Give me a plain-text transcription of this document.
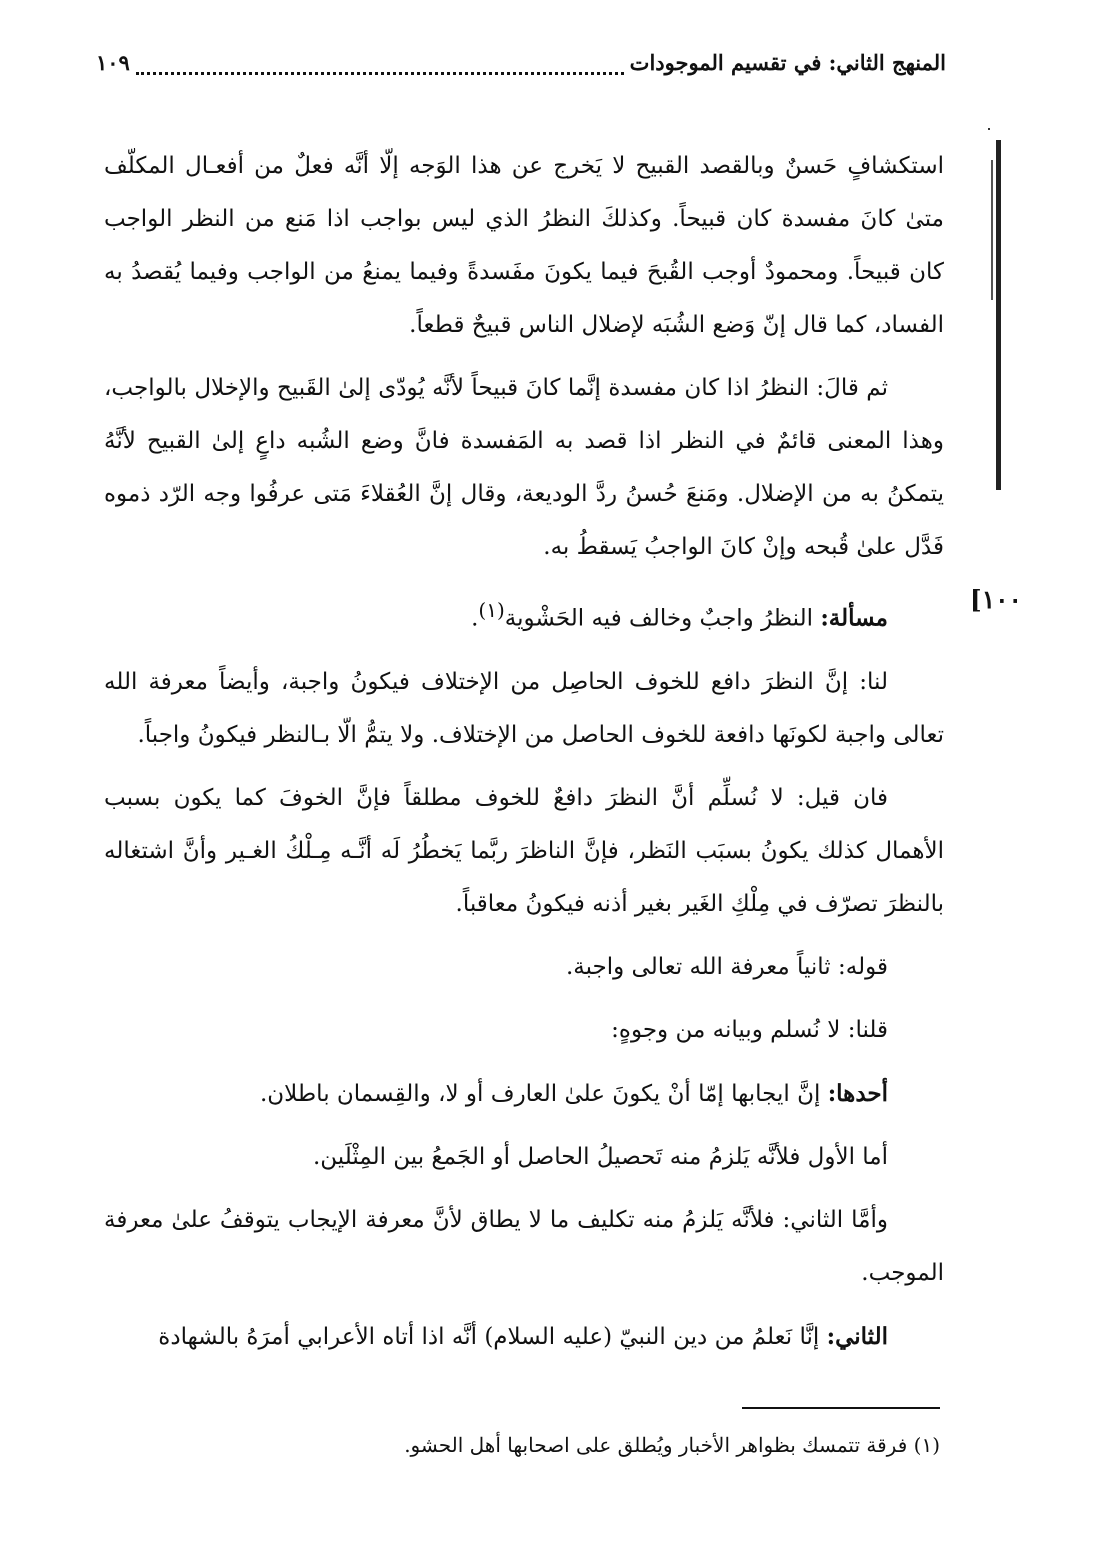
المنهج الثاني: في تقسيم الموجودات
١٠٩
١٠٠]

استكشافٍ حَسنٌ وبالقصد القبيح لا يَخرج عن هذا الوَجه إلّا أنَّه فعلٌ من أفعـال المكلّف متىٰ كانَ مفسدة كان قبيحاً. وكذلكَ النظرُ الذي ليس بواجب اذا مَنع من النظر الواجب كان قبيحاً. ومحمودٌ أوجب القُبحَ فيما يكونَ مفَسدةً وفيما يمنعُ من الواجب وفيما يُقصدُ به الفساد، كما قال إنّ وَضع الشُبَه لإضلال الناس قبيحٌ قطعاً.

ثم قالَ: النظرُ اذا كان مفسدة إنَّما كانَ قبيحاً لأنَّه يُودّى إلىٰ القَبيح والإخلال بالواجب، وهذا المعنى قائمٌ في النظر اذا قصد به المَفسدة فانَّ وضع الشُبه داعٍ إلىٰ القبيح لأنَّهُ يتمكنُ به من الإضلال. ومَنعَ حُسنُ ردَّ الوديعة، وقال إنَّ العُقلاءَ مَتى عرفُوا وجه الرّد ذموه فَدَّل علىٰ قُبحه وإنْ كانَ الواجبُ يَسقطُ به.

مسألة: النظرُ واجبٌ وخالف فيه الحَشْوية$^{(١)}$.

لنا: إنَّ النظرَ دافع للخوف الحاصِل من الإختلاف فيكونُ واجبة، وأيضاً معرفة الله تعالى واجبة لكونَها دافعة للخوف الحاصل من الإختلاف. ولا يتمُّ الّا بـالنظر فيكونُ واجباً.

فان قيل: لا نُسلِّم أنَّ النظرَ دافعٌ للخوف مطلقاً فإنَّ الخوفَ كما يكون بسبب الأهمال كذلك يكونُ بسبَب النَظر، فإنَّ الناظرَ ربَّما يَخطُرُ لَه أنَّـه مِـلْكُ الغـير وأنَّ اشتغاله بالنظرَ تصرّف في مِلْكِ الغَير بغير أذنه فيكونُ معاقباً.

قوله: ثانياً معرفة الله تعالى واجبة.

قلنا: لا نُسلم وبيانه من وجوهٍ:

أحدها: إنَّ ايجابها إمّا أنْ يكونَ علىٰ العارف أو لا، والقِسمان باطلان.

أما الأول فلأنَّه يَلزمُ منه تَحصيلُ الحاصل أو الجَمعُ بين المِثْلَين.

وأمَّا الثاني: فلأنَّه يَلزمُ منه تكليف ما لا يطاق لأنَّ معرفة الإيجاب يتوقفُ علىٰ معرفة الموجب.

الثاني: إنَّا نَعلمُ من دين النبيّ (عليه السلام) أنَّه اذا أتاه الأعرابي أمرَهُ بالشهادة

(١) فرقة تتمسك بظواهر الأخبار ويُطلق على اصحابها أهل الحشو.
